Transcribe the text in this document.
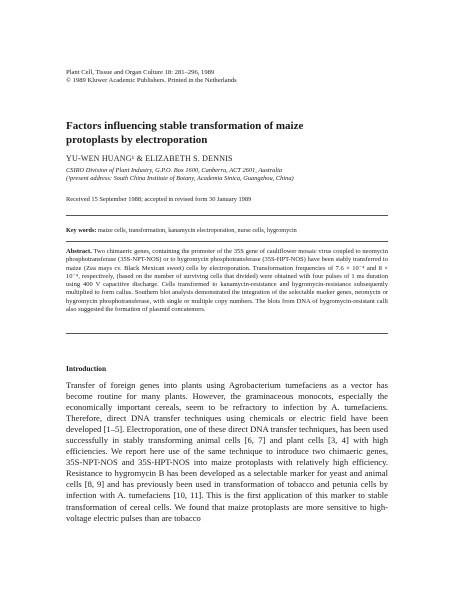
Plant Cell, Tissue and Organ Culture 18: 281–296, 1989
© 1989 Kluwer Academic Publishers. Printed in the Netherlands
Factors influencing stable transformation of maize
protoplasts by electroporation
YU-WEN HUANG¹ & ELIZABETH S. DENNIS
CSIRO Division of Plant Industry, G.P.O. Box 1600, Canberra, ACT 2601, Australia
(¹present address: South China Institute of Botany, Academia Sinica, Guangzhou, China)
Received 15 September 1988; accepted in revised form 30 January 1989
Key words: maize cells, transformation, kanamycin electroporation, nurse cells, hygromycin
Abstract. Two chimaeric genes, containing the promoter of the 35S gene of cauliflower mosaic virus coupled to neomycin phosphotransferase (35S-NPT-NOS) or to hygromycin phosphotransferase (35S-HPT-NOS) have been stably transferred to maize (Zea mays cv. Black Mexican sweet) cells by electroporation. Transformation frequencies of 7.6 × 10⁻⁴ and 8 × 10⁻⁴, respectively, (based on the number of surviving cells that divided) were obtained with four pulses of 1 ms duration using 400 V capacitive discharge. Cells transformed to kanamycin-resistance and hygromycin-resistance subsequently multiplied to form callus. Southern blot analysis demonstrated the integration of the selectable marker genes, neomycin or hygromycin phosphotransferase, with single or multiple copy numbers. The blots from DNA of hygromycin-resistant calli also suggested the formation of plasmid concatemers.
Introduction

Transfer of foreign genes into plants using Agrobacterium tumefaciens as a vector has become routine for many plants. However, the graminaceous monocots, especially the economically important cereals, seem to be refractory to infection by A. tumefaciens. Therefore, direct DNA transfer techniques using chemicals or electric field have been developed [1–5]. Electroporation, one of these direct DNA transfer techniques, has been used successfully in stably transforming animal cells [6, 7] and plant cells [3, 4] with high efficiencies. We report here use of the same technique to introduce two chimaeric genes, 35S-NPT-NOS and 35S-HPT-NOS into maize protoplasts with relatively high efficiency. Resistance to hygromycin B has been developed as a selectable marker for yeast and animal cells [8, 9] and has previously been used in transformation of tobacco and petunia cells by infection with A. tumefaciens [10, 11]. This is the first application of this marker to stable transformation of cereal cells. We found that maize protoplasts are more sensitive to high-voltage electric pulses than are tobacco
